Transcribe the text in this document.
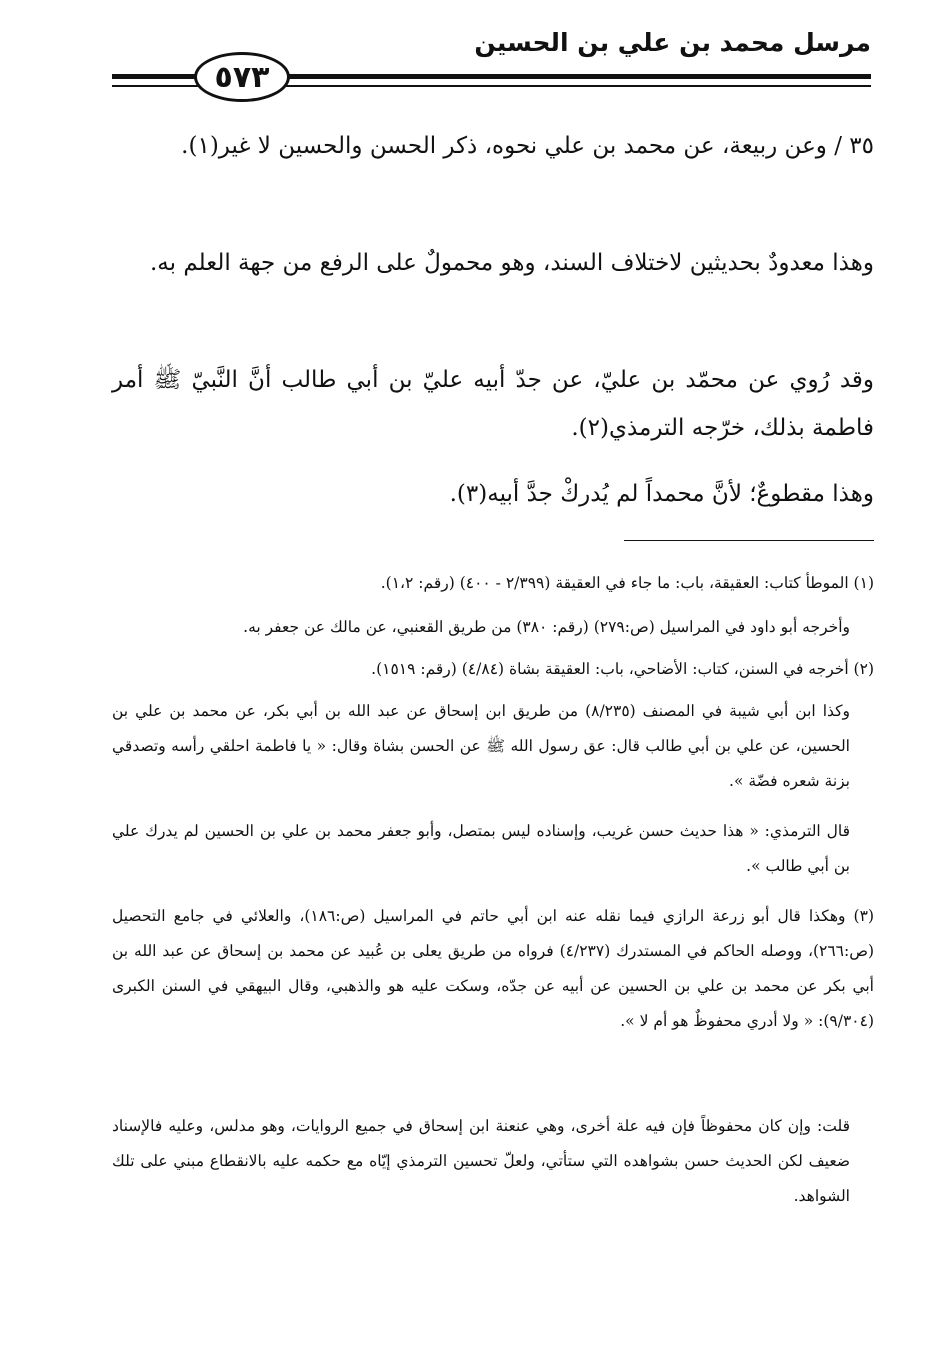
مرسل محمد بن علي بن الحسين
٥٧٣
٣٥ / وعن ربيعة، عن محمد بن علي نحوه، ذكر الحسن والحسين لا غير(١).
وهذا معدودٌ بحديثين لاختلاف السند، وهو محمولٌ على الرفع من جهة العلم به.
وقد رُوي عن محمّد بن عليّ، عن جدّ أبيه عليّ بن أبي طالب أنَّ النَّبيّ ﷺ أمر فاطمة بذلك، خرّجه الترمذي(٢).
وهذا مقطوعٌ؛ لأنَّ محمداً لم يُدركْ جدَّ أبيه(٣).
(١) الموطأ كتاب: العقيقة، باب: ما جاء في العقيقة (٢/٣٩٩ - ٤٠٠) (رقم: ١،٢).
وأخرجه أبو داود في المراسيل (ص:٢٧٩) (رقم: ٣٨٠) من طريق القعنبي، عن مالك عن جعفر به.
(٢) أخرجه في السنن، كتاب: الأضاحي، باب: العقيقة بشاة (٤/٨٤) (رقم: ١٥١٩).
وكذا ابن أبي شيبة في المصنف (٨/٢٣٥) من طريق ابن إسحاق عن عبد الله بن أبي بكر، عن محمد بن علي بن الحسين، عن علي بن أبي طالب قال: عق رسول الله ﷺ عن الحسن بشاة وقال: « يا فاطمة احلقي رأسه وتصدقي بزنة شعره فضّة ».
قال الترمذي: « هذا حديث حسن غريب، وإسناده ليس بمتصل، وأبو جعفر محمد بن علي بن الحسين لم يدرك علي بن أبي طالب ».
(٣) وهكذا قال أبو زرعة الرازي فيما نقله عنه ابن أبي حاتم في المراسيل (ص:١٨٦)، والعلائي في جامع التحصيل (ص:٢٦٦)، ووصله الحاكم في المستدرك (٤/٢٣٧) فرواه من طريق يعلى بن عُبيد عن محمد بن إسحاق عن عبد الله بن أبي بكر عن محمد بن علي بن الحسين عن أبيه عن جدّه، وسكت عليه هو والذهبي، وقال البيهقي في السنن الكبرى (٩/٣٠٤): « ولا أدري محفوظٌ هو أم لا ».
قلت: وإن كان محفوظاً فإن فيه علة أخرى، وهي عنعنة ابن إسحاق في جميع الروايات، وهو مدلس، وعليه فالإسناد ضعيف لكن الحديث حسن بشواهده التي ستأتي، ولعلّ تحسين الترمذي إيّاه مع حكمه عليه بالانقطاع مبني على تلك الشواهد.
